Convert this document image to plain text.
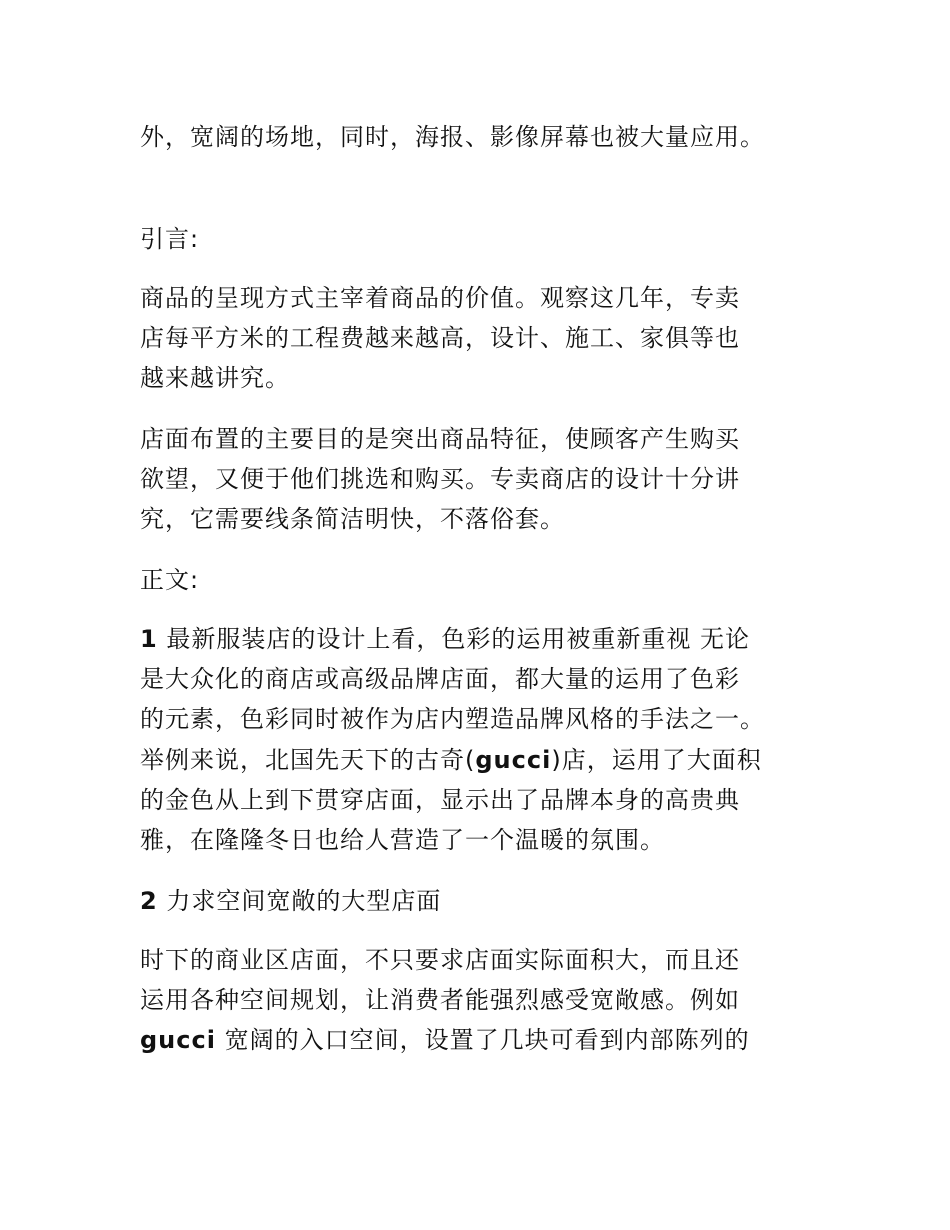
外，宽阔的场地，同时，海报、影像屏幕也被大量应用。
引言:
商品的呈现方式主宰着商品的价值。观察这几年，专卖
店每平方米的工程费越来越高，设计、施工、家俱等也
越来越讲究。
店面布置的主要目的是突出商品特征，使顾客产生购买
欲望，又便于他们挑选和购买。专卖商店的设计十分讲
究，它需要线条简洁明快，不落俗套。
正文:
1 最新服装店的设计上看，色彩的运用被重新重视 无论
是大众化的商店或高级品牌店面，都大量的运用了色彩
的元素，色彩同时被作为店内塑造品牌风格的手法之一。
举例来说，北国先天下的古奇(gucci)店，运用了大面积
的金色从上到下贯穿店面，显示出了品牌本身的高贵典
雅，在隆隆冬日也给人营造了一个温暖的氛围。
2 力求空间宽敞的大型店面
时下的商业区店面，不只要求店面实际面积大，而且还
运用各种空间规划，让消费者能强烈感受宽敞感。例如
gucci 宽阔的入口空间，设置了几块可看到内部陈列的
